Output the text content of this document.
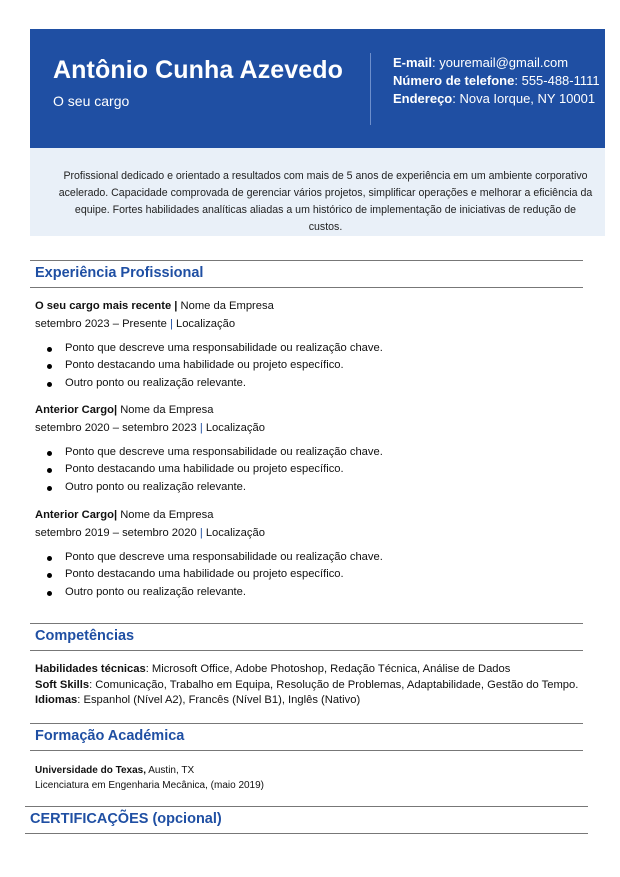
Antônio Cunha Azevedo
O seu cargo
E-mail: youremail@gmail.com
Número de telefone: 555-488-1111
Endereço: Nova Iorque, NY 10001

Profissional dedicado e orientado a resultados com mais de 5 anos de experiência em um ambiente corporativo acelerado. Capacidade comprovada de gerenciar vários projetos, simplificar operações e melhorar a eficiência da equipe. Fortes habilidades analíticas aliadas a um histórico de implementação de iniciativas de redução de custos.

Experiência Profissional
O seu cargo mais recente | Nome da Empresa
setembro 2023 – Presente | Localização
Ponto que descreve uma responsabilidade ou realização chave.
Ponto destacando uma habilidade ou projeto específico.
Outro ponto ou realização relevante.
Anterior Cargo| Nome da Empresa
setembro 2020 – setembro 2023 | Localização
Ponto que descreve uma responsabilidade ou realização chave.
Ponto destacando uma habilidade ou projeto específico.
Outro ponto ou realização relevante.
Anterior Cargo| Nome da Empresa
setembro 2019 – setembro 2020 | Localização
Ponto que descreve uma responsabilidade ou realização chave.
Ponto destacando uma habilidade ou projeto específico.
Outro ponto ou realização relevante.
Competências
Habilidades técnicas: Microsoft Office, Adobe Photoshop, Redação Técnica, Análise de Dados
Soft Skills: Comunicação, Trabalho em Equipa, Resolução de Problemas, Adaptabilidade, Gestão do Tempo.
Idiomas: Espanhol (Nível A2), Francês (Nível B1), Inglês (Nativo)
Formação Académica
Universidade do Texas, Austin, TX
Licenciatura em Engenharia Mecânica, (maio 2019)
CERTIFICAÇÕES (opcional)
